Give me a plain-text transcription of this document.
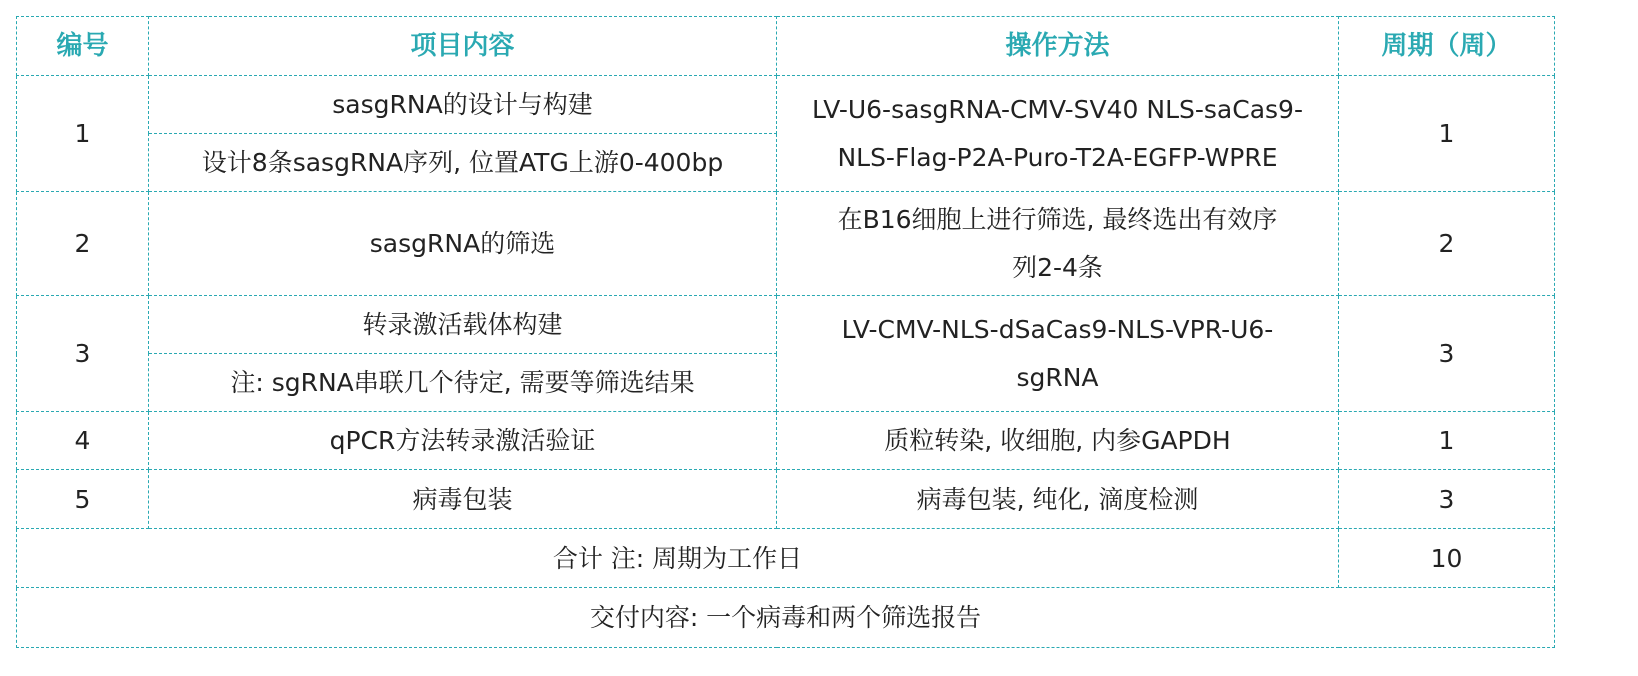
编号	项目内容	操作方法	周期（周）
1	sasgRNA的设计与构建	LV-U6-sasgRNA-CMV-SV40 NLS-saCas9-NLS-Flag-P2A-Puro-T2A-EGFP-WPRE	1
	设计8条sasgRNA序列, 位置ATG上游0-400bp		
2	sasgRNA的筛选	在B16细胞上进行筛选, 最终选出有效序列2-4条	2
3	转录激活载体构建	LV-CMV-NLS-dSaCas9-NLS-VPR-U6-sgRNA	3
	注: sgRNA串联几个待定, 需要等筛选结果		
4	qPCR方法转录激活验证	质粒转染, 收细胞, 内参GAPDH	1
5	病毒包装	病毒包装, 纯化, 滴度检测	3
合计 注: 周期为工作日			10
交付内容: 一个病毒和两个筛选报告			
